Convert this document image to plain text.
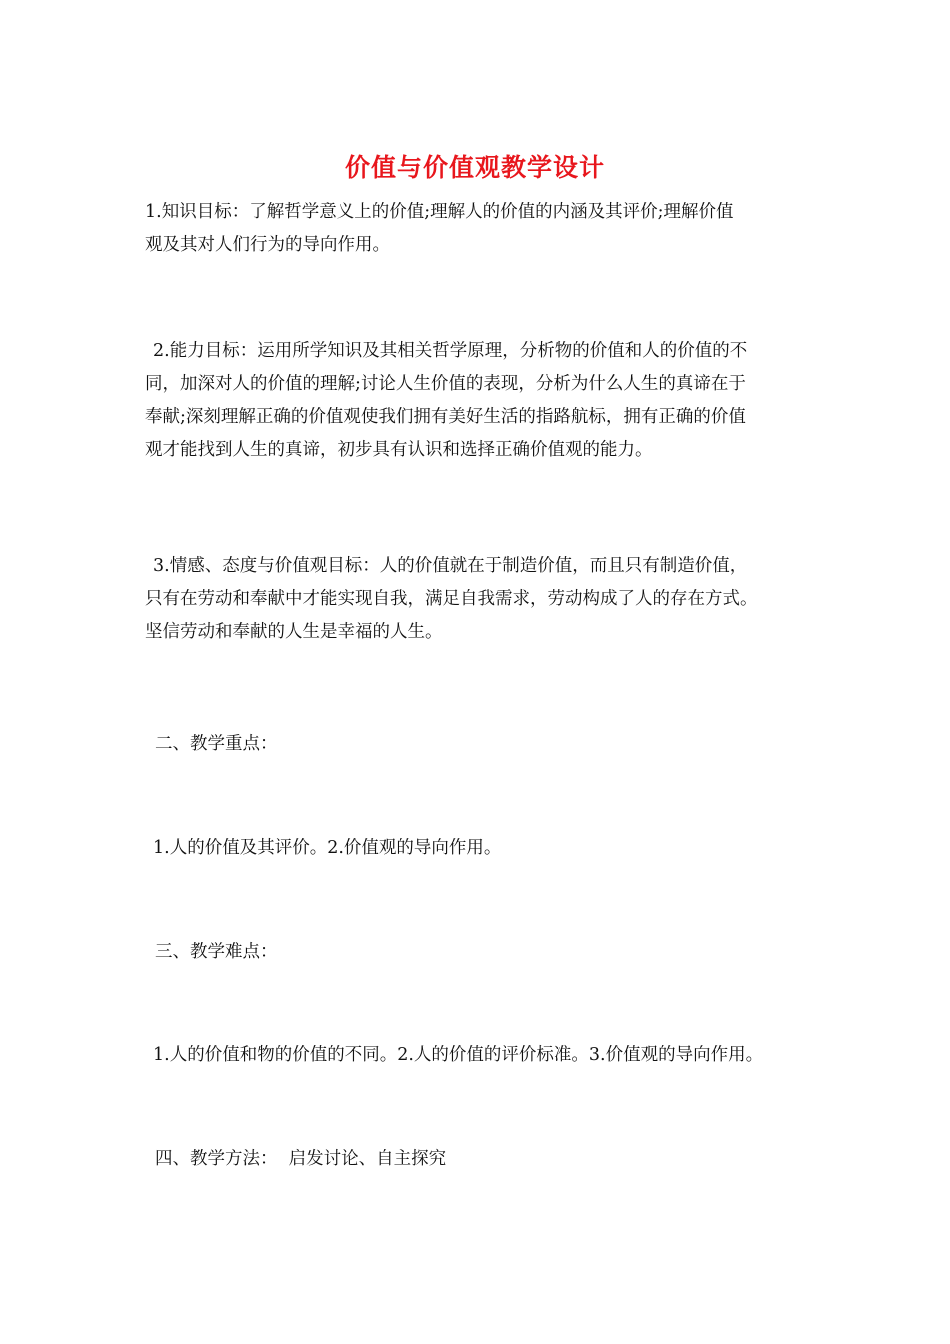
价值与价值观教学设计
1.知识目标：了解哲学意义上的价值;理解人的价值的内涵及其评价;理解价值
观及其对人们行为的导向作用。
2.能力目标：运用所学知识及其相关哲学原理，分析物的价值和人的价值的不
同，加深对人的价值的理解;讨论人生价值的表现，分析为什么人生的真谛在于
奉献;深刻理解正确的价值观使我们拥有美好生活的指路航标，拥有正确的价值
观才能找到人生的真谛，初步具有认识和选择正确价值观的能力。
3.情感、态度与价值观目标：人的价值就在于制造价值，而且只有制造价值，
只有在劳动和奉献中才能实现自我，满足自我需求，劳动构成了人的存在方式。
坚信劳动和奉献的人生是幸福的人生。
二、教学重点：
1.人的价值及其评价。2.价值观的导向作用。
三、教学难点：
1.人的价值和物的价值的不同。2.人的价值的评价标准。3.价值观的导向作用。
四、教学方法：  启发讨论、自主探究
